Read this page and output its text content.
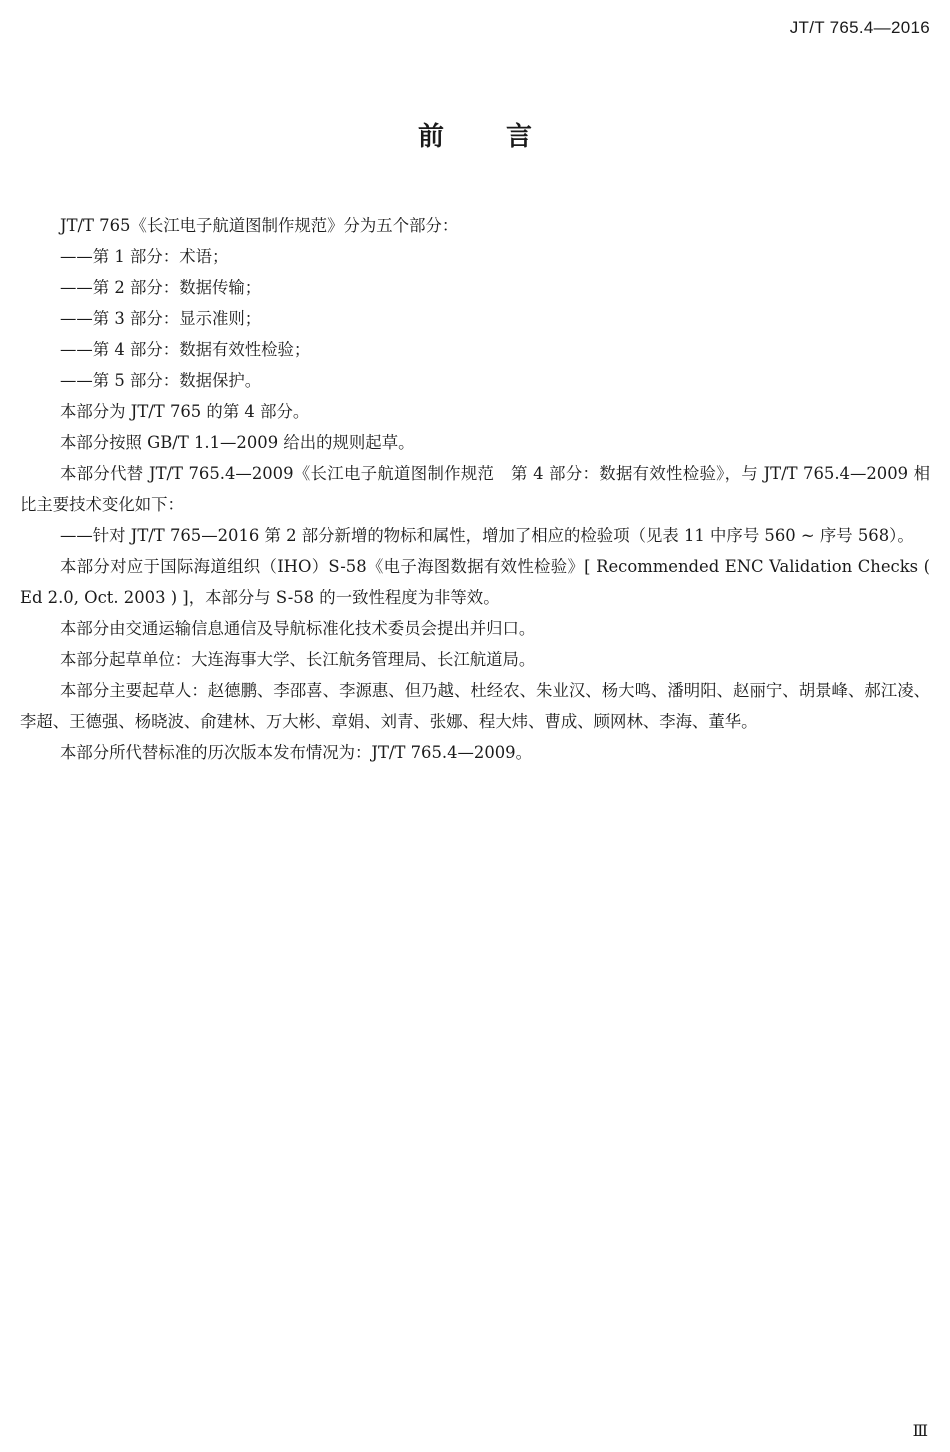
JT/T 765.4—2016
前言

JT/T 765《长江电子航道图制作规范》分为五个部分：

——第 1 部分：术语；

——第 2 部分：数据传输；

——第 3 部分：显示准则；

——第 4 部分：数据有效性检验；

——第 5 部分：数据保护。

本部分为 JT/T 765 的第 4 部分。

本部分按照 GB/T 1.1—2009 给出的规则起草。

本部分代替 JT/T 765.4—2009《长江电子航道图制作规范　第 4 部分：数据有效性检验》，与 JT/T 765.4—2009 相比主要技术变化如下：

——针对 JT/T 765—2016 第 2 部分新增的物标和属性，增加了相应的检验项（见表 11 中序号 560 ~ 序号 568）。

本部分对应于国际海道组织（IHO）S-58《电子海图数据有效性检验》[ Recommended ENC Validation Checks ( Ed 2.0, Oct. 2003 ) ]，本部分与 S-58 的一致性程度为非等效。

本部分由交通运输信息通信及导航标准化技术委员会提出并归口。

本部分起草单位：大连海事大学、长江航务管理局、长江航道局。

本部分主要起草人：赵德鹏、李邵喜、李源惠、但乃越、杜经农、朱业汉、杨大鸣、潘明阳、赵丽宁、胡景峰、郝江凌、李超、王德强、杨晓波、俞建林、万大彬、章娟、刘青、张娜、程大炜、曹成、顾网林、李海、董华。

本部分所代替标准的历次版本发布情况为：JT/T 765.4—2009。

Ⅲ
